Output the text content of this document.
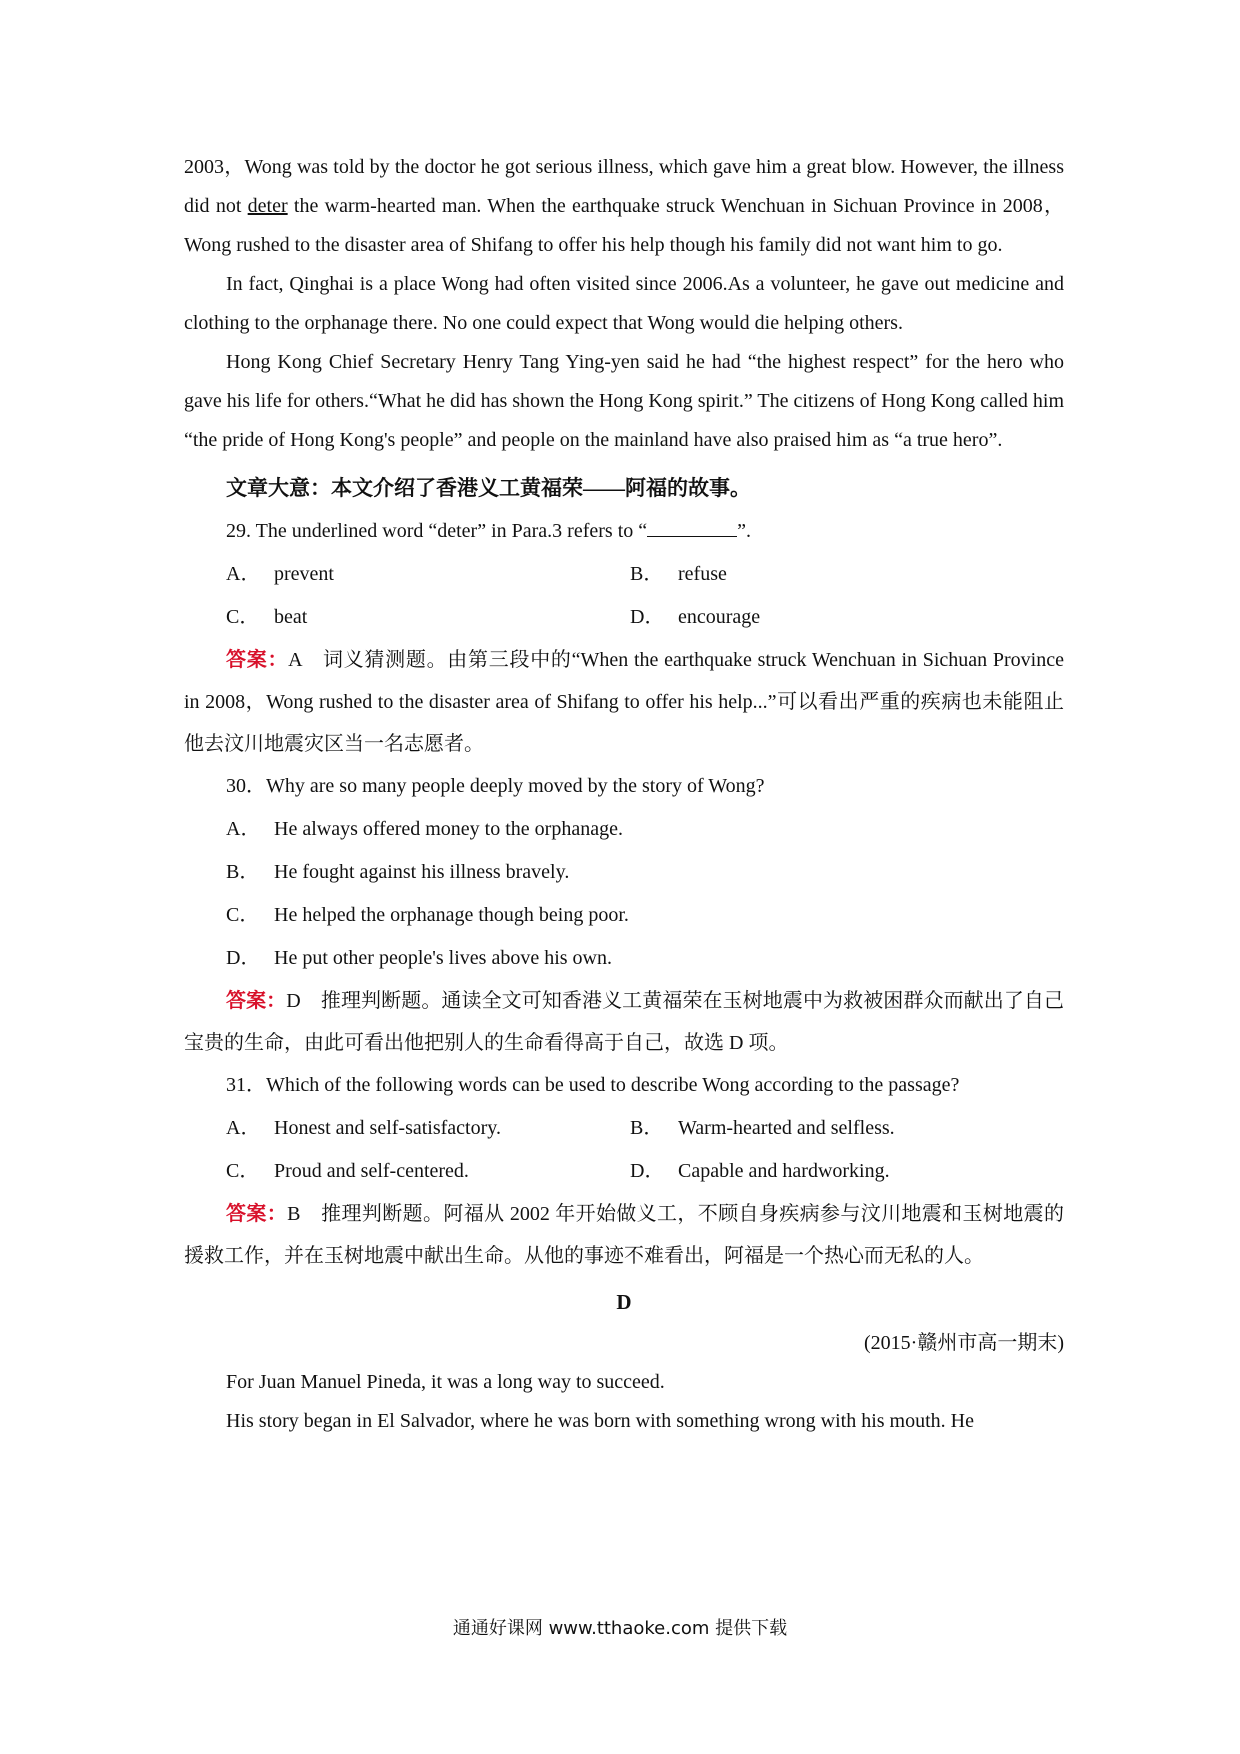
2003，Wong was told by the doctor he got serious illness, which gave him a great blow. However, the illness did not deter the warm-hearted man. When the earthquake struck Wenchuan in Sichuan Province in 2008，Wong rushed to the disaster area of Shifang to offer his help though his family did not want him to go.

In fact, Qinghai is a place Wong had often visited since 2006.As a volunteer, he gave out medicine and clothing to the orphanage there. No one could expect that Wong would die helping others.

Hong Kong Chief Secretary Henry Tang Ying-yen said he had “the highest respect” for the hero who gave his life for others.“What he did has shown the Hong Kong spirit.” The citizens of Hong Kong called him “the pride of Hong Kong's people” and people on the mainland have also praised him as “a true hero”.

文章大意：本文介绍了香港义工黄福荣——阿福的故事。

29. The underlined word “deter” in Para.3 refers to “	”.

A． prevent	B． refuse
C． beat	D． encourage

答案：A　词义猜测题。由第三段中的“When the earthquake struck Wenchuan in Sichuan Province in 2008，Wong rushed to the disaster area of Shifang to offer his help...”可以看出严重的疾病也未能阻止他去汶川地震灾区当一名志愿者。

30．Why are so many people deeply moved by the story of Wong?

A． He always offered money to the orphanage.
B． He fought against his illness bravely.
C． He helped the orphanage though being poor.
D． He put other people's lives above his own.

答案：D　推理判断题。通读全文可知香港义工黄福荣在玉树地震中为救被困群众而献出了自己宝贵的生命，由此可看出他把别人的生命看得高于自己，故选 D 项。

31．Which of the following words can be used to describe Wong according to the passage?

A． Honest and self-satisfactory.	B． Warm-hearted and selfless.
C． Proud and self-centered.	D． Capable and hardworking.

答案：B　推理判断题。阿福从 2002 年开始做义工，不顾自身疾病参与汶川地震和玉树地震的援救工作，并在玉树地震中献出生命。从他的事迹不难看出，阿福是一个热心而无私的人。

D

(2015·赣州市高一期末)

For Juan Manuel Pineda, it was a long way to succeed.

His story began in El Salvador, where he was born with something wrong with his mouth. He

通通好课网 www.tthaoke.com 提供下载
